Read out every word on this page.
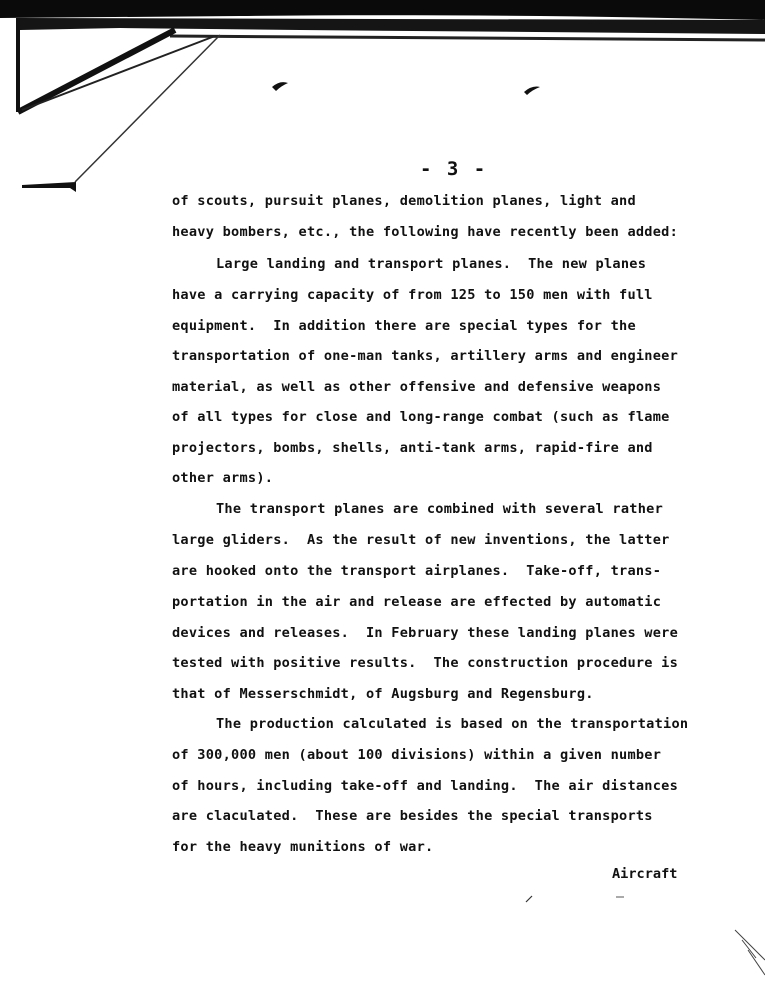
- 3 -
of scouts, pursuit planes, demolition planes, light and
heavy bombers, etc., the following have recently been added:
Large landing and transport planes.  The new planes
have a carrying capacity of from 125 to 150 men with full
equipment.  In addition there are special types for the
transportation of one-man tanks, artillery arms and engineer
material, as well as other offensive and defensive weapons
of all types for close and long-range combat (such as flame
projectors, bombs, shells, anti-tank arms, rapid-fire and
other arms).
The transport planes are combined with several rather
large gliders.  As the result of new inventions, the latter
are hooked onto the transport airplanes.  Take-off, trans-
portation in the air and release are effected by automatic
devices and releases.  In February these landing planes were
tested with positive results.  The construction procedure is
that of Messerschmidt, of Augsburg and Regensburg.
The production calculated is based on the transportation
of 300,000 men (about 100 divisions) within a given number
of hours, including take-off and landing.  The air distances
are claculated.  These are besides the special transports
for the heavy munitions of war.
Aircraft
